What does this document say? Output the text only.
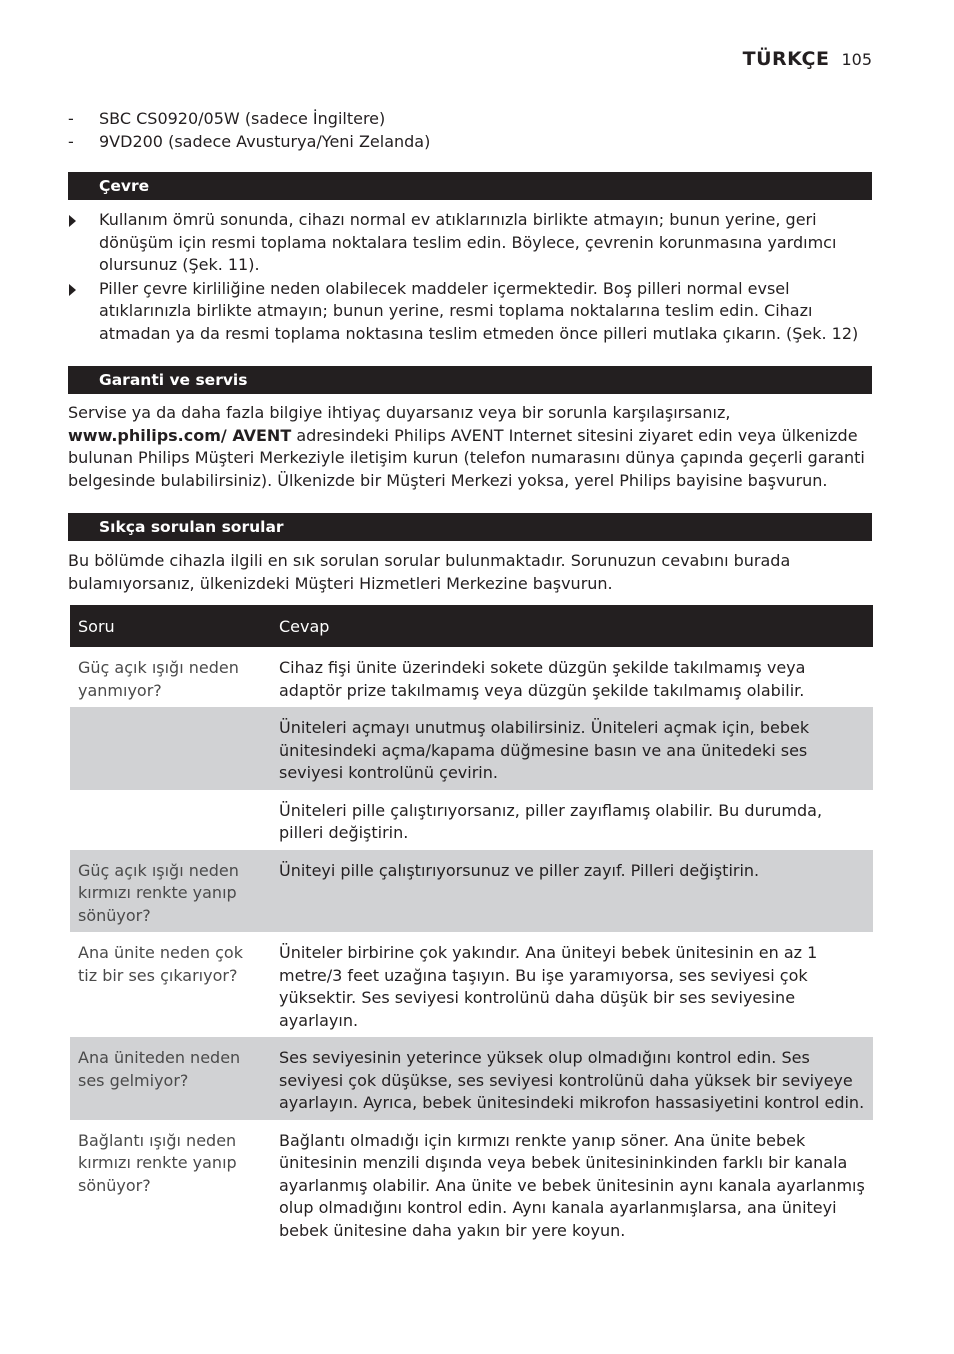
TÜRKÇE 105
-	SBC CS0920/05W (sadece İngiltere)
-	9VD200 (sadece Avusturya/Yeni Zelanda)
Çevre
Kullanım ömrü sonunda, cihazı normal ev atıklarınızla birlikte atmayın; bunun yerine, geri dönüşüm için resmi toplama noktalara teslim edin. Böylece, çevrenin korunmasına yardımcı olursunuz (Şek. 11).
Piller çevre kirliliğine neden olabilecek maddeler içermektedir. Boş pilleri normal evsel atıklarınızla birlikte atmayın; bunun yerine, resmi toplama noktalarına teslim edin. Cihazı atmadan ya da resmi toplama noktasına teslim etmeden önce pilleri mutlaka çıkarın. (Şek. 12)
Garanti ve servis
Servise ya da daha fazla bilgiye ihtiyaç duyarsanız veya bir sorunla karşılaşırsanız, www.philips.com/ AVENT adresindeki Philips AVENT Internet sitesini ziyaret edin veya ülkenizde bulunan Philips Müşteri Merkeziyle iletişim kurun (telefon numarasını dünya çapında geçerli garanti belgesinde bulabilirsiniz). Ülkenizde bir Müşteri Merkezi yoksa, yerel Philips bayisine başvurun.
Sıkça sorulan sorular
Bu bölümde cihazla ilgili en sık sorulan sorular bulunmaktadır. Sorunuzun cevabını burada bulamıyorsanız, ülkenizdeki Müşteri Hizmetleri Merkezine başvurun.
Soru	Cevap
Güç açık ışığı neden yanmıyor?	Cihaz fişi ünite üzerindeki sokete düzgün şekilde takılmamış veya adaptör prize takılmamış veya düzgün şekilde takılmamış olabilir.
	Üniteleri açmayı unutmuş olabilirsiniz. Üniteleri açmak için, bebek ünitesindeki açma/kapama düğmesine basın ve ana ünitedeki ses seviyesi kontrolünü çevirin.
	Üniteleri pille çalıştırıyorsanız, piller zayıflamış olabilir. Bu durumda, pilleri değiştirin.
Güç açık ışığı neden kırmızı renkte yanıp sönüyor?	Üniteyi pille çalıştırıyorsunuz ve piller zayıf. Pilleri değiştirin.
Ana ünite neden çok tiz bir ses çıkarıyor?	Üniteler birbirine çok yakındır. Ana üniteyi bebek ünitesinin en az 1 metre/3 feet uzağına taşıyın. Bu işe yaramıyorsa, ses seviyesi çok yüksektir. Ses seviyesi kontrolünü daha düşük bir ses seviyesine ayarlayın.
Ana üniteden neden ses gelmiyor?	Ses seviyesinin yeterince yüksek olup olmadığını kontrol edin. Ses seviyesi çok düşükse, ses seviyesi kontrolünü daha yüksek bir seviyeye ayarlayın. Ayrıca, bebek ünitesindeki mikrofon hassasiyetini kontrol edin.
Bağlantı ışığı neden kırmızı renkte yanıp sönüyor?	Bağlantı olmadığı için kırmızı renkte yanıp söner. Ana ünite bebek ünitesinin menzili dışında veya bebek ünitesininkinden farklı bir kanala ayarlanmış olabilir. Ana ünite ve bebek ünitesinin aynı kanala ayarlanmış olup olmadığını kontrol edin. Aynı kanala ayarlanmışlarsa, ana üniteyi bebek ünitesine daha yakın bir yere koyun.
